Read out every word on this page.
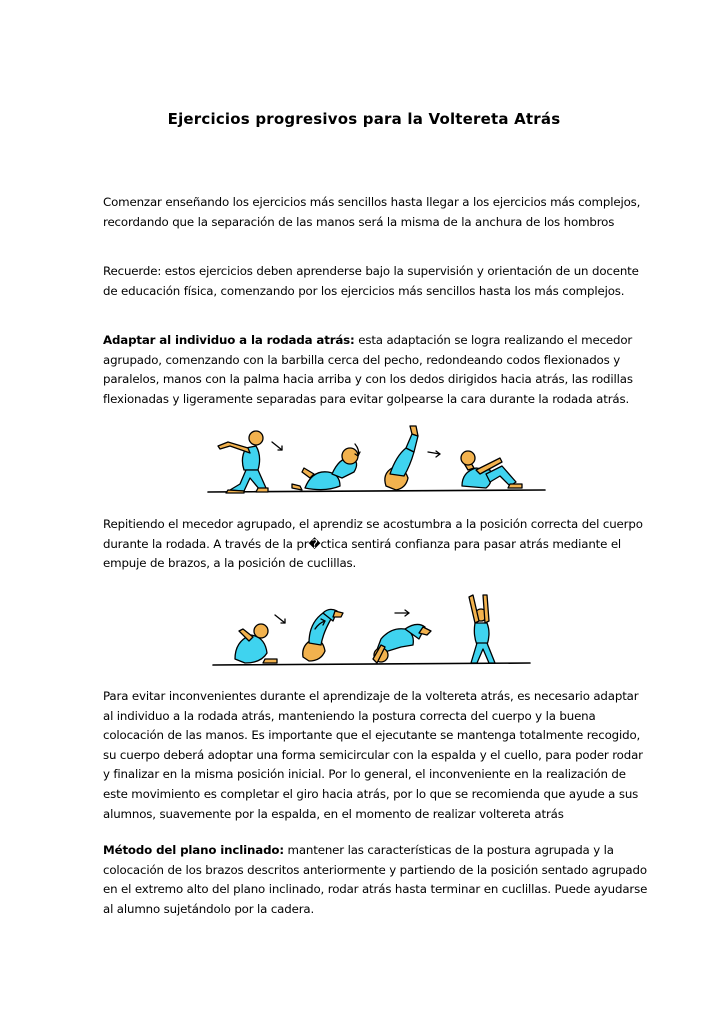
Ejercicios progresivos para la Voltereta Atrás

Comenzar enseñando los ejercicios más sencillos hasta llegar a los ejercicios más complejos, recordando que la separación de las manos será la misma de la anchura de los hombros

Recuerde: estos ejercicios deben aprenderse bajo la supervisión y orientación de un docente de educación física, comenzando por los ejercicios más sencillos hasta los más complejos.

Adaptar al individuo a la rodada atrás: esta adaptación se logra realizando el mecedor agrupado, comenzando con la barbilla cerca del pecho, redondeando codos flexionados y paralelos, manos con la palma hacia arriba y con los dedos dirigidos hacia atrás, las rodillas flexionadas y ligeramente separadas para evitar golpearse la cara durante la rodada atrás.

Repitiendo el mecedor agrupado, el aprendiz se acostumbra a la posición correcta del cuerpo durante la rodada. A través de la pr�ctica sentirá confianza para pasar atrás mediante el empuje de brazos, a la posición de cuclillas.

Para evitar inconvenientes durante el aprendizaje de la voltereta atrás, es necesario adaptar al individuo a la rodada atrás, manteniendo la postura correcta del cuerpo y la buena colocación de las manos. Es importante que el ejecutante se mantenga totalmente recogido, su cuerpo deberá adoptar una forma semicircular con la espalda y el cuello, para poder rodar y finalizar en la misma posición inicial. Por lo general, el inconveniente en la realización de este movimiento es completar el giro hacia atrás, por lo que se recomienda que ayude a sus alumnos, suavemente por la espalda, en el momento de realizar voltereta atrás

Método del plano inclinado: mantener las características de la postura agrupada y la colocación de los brazos descritos anteriormente y partiendo de la posición sentado agrupado en el extremo alto del plano inclinado, rodar atrás hasta terminar en cuclillas. Puede ayudarse al alumno sujetándolo por la cadera.
